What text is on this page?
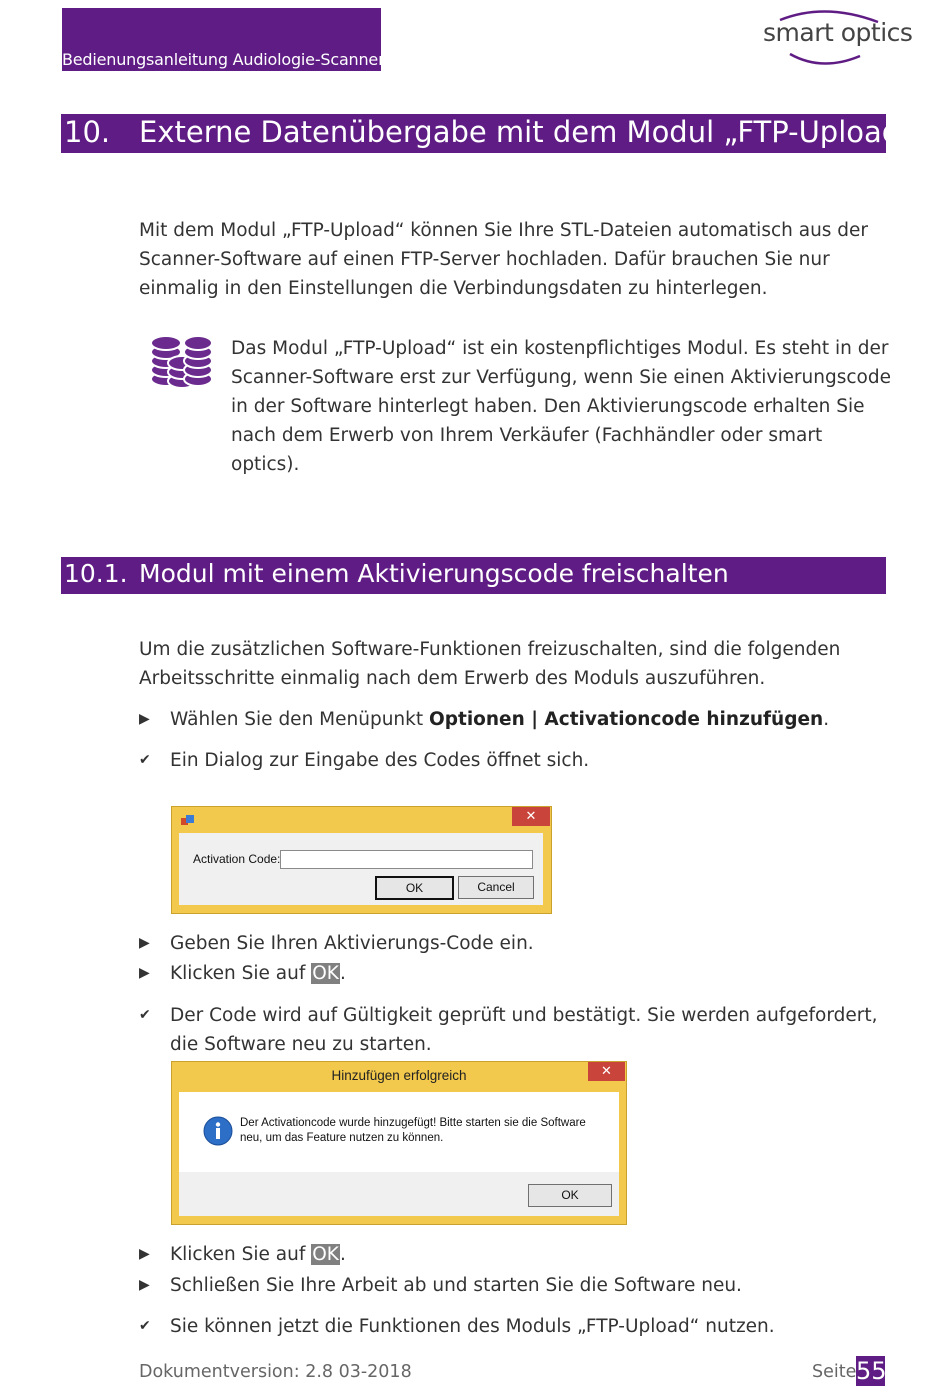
Bedienungsanleitung Audiologie-Scanner
smart optics
10. Externe Datenübergabe mit dem Modul „FTP-Upload“
Mit dem Modul „FTP-Upload“ können Sie Ihre STL-Dateien automatisch aus der Scanner-Software auf einen FTP-Server hochladen. Dafür brauchen Sie nur einmalig in den Einstellungen die Verbindungsdaten zu hinterlegen.
Das Modul „FTP-Upload“ ist ein kostenpflichtiges Modul. Es steht in der Scanner-Software erst zur Verfügung, wenn Sie einen Aktivierungscode in der Software hinterlegt haben. Den Aktivierungscode erhalten Sie nach dem Erwerb von Ihrem Verkäufer (Fachhändler oder smart optics).
10.1. Modul mit einem Aktivierungscode freischalten
Um die zusätzlichen Software-Funktionen freizuschalten, sind die folgenden Arbeitsschritte einmalig nach dem Erwerb des Moduls auszuführen.
▶	Wählen Sie den Menüpunkt Optionen | Activationcode hinzufügen.
✔	Ein Dialog zur Eingabe des Codes öffnet sich.
✕
Activation Code:
OK	Cancel
▶	Geben Sie Ihren Aktivierungs-Code ein.
▶	Klicken Sie auf OK.
✔	Der Code wird auf Gültigkeit geprüft und bestätigt. Sie werden aufgefordert, die Software neu zu starten.
Hinzufügen erfolgreich	✕
Der Activationcode wurde hinzugefügt! Bitte starten sie die Software neu, um das Feature nutzen zu können.
OK
▶	Klicken Sie auf OK.
▶	Schließen Sie Ihre Arbeit ab und starten Sie die Software neu.
✔	Sie können jetzt die Funktionen des Moduls „FTP-Upload“ nutzen.
Dokumentversion: 2.8 03-2018	Seite 55
